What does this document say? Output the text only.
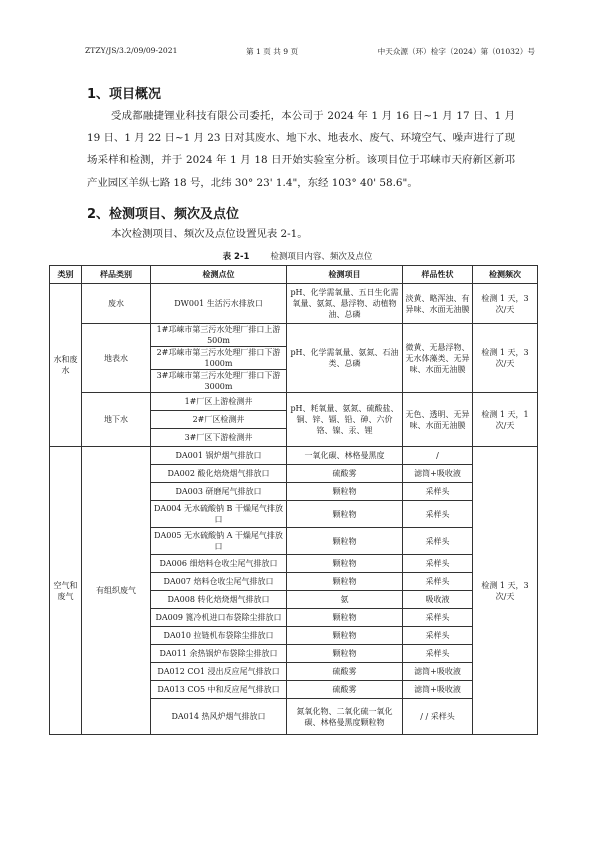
ZTZY/JS/3.2/09/09-2021	第 1 页 共 9 页	中天众源（环）检字（2024）第（01032）号
1、项目概况
受成都融捷锂业科技有限公司委托，本公司于 2024 年 1 月 16 日~1 月 17 日、1 月 19 日、1 月 22 日~1 月 23 日对其废水、地下水、地表水、废气、环境空气、噪声进行了现场采样和检测，并于 2024 年 1 月 18 日开始实验室分析。该项目位于邛崃市天府新区新邛产业园区羊纵七路 18 号，北纬 30° 23' 1.4"，东经 103° 40' 58.6"。
2、检测项目、频次及点位
本次检测项目、频次及点位设置见表 2-1。
表 2-1 检测项目内容、频次及点位
类别	样品类别	检测点位	检测项目	样品性状	检测频次
水和废水	废水	DW001 生活污水排放口	pH、化学需氧量、五日生化需氧量、氨氮、悬浮物、动植物油、总磷	淡黄、略浑浊、有异味、水面无油膜	检测 1 天，3 次/天
	地表水	1#邛崃市第三污水处理厂排口上游 500m	pH、化学需氧量、氨氮、石油类、总磷	微黄、无悬浮物、无水体藻类、无异味、水面无油膜	检测 1 天，3 次/天
		2#邛崃市第三污水处理厂排口下游 1000m			
		3#邛崃市第三污水处理厂排口下游 3000m			
	地下水	1#厂区上游检测井	pH、耗氧量、氨氮、硫酸盐、铜、锌、镉、铅、砷、六价铬、镍、汞、锂	无色、透明、无异味、水面无油膜	检测 1 天，1 次/天
		2#厂区检测井			
		3#厂区下游检测井			
空气和废气	有组织废气	DA001 锅炉烟气排放口	一氧化碳、林格曼黑度	/	检测 1 天，3 次/天
		DA002 酸化焙烧烟气排放口	硫酸雾	滤筒+吸收液	
		DA003 研磨尾气排放口	颗粒物	采样头	
		DA004 无水硫酸钠 B 干燥尾气排放口	颗粒物	采样头	
		DA005 无水硫酸钠 A 干燥尾气排放口	颗粒物	采样头	
		DA006 细焙料仓收尘尾气排放口	颗粒物	采样头	
		DA007 焙料仓收尘尾气排放口	颗粒物	采样头	
		DA008 转化焙烧烟气排放口	氨	吸收液	
		DA009 篦冷机进口布袋除尘排放口	颗粒物	采样头	
		DA010 拉链机布袋除尘排放口	颗粒物	采样头	
		DA011 余热锅炉布袋除尘排放口	颗粒物	采样头	
		DA012 CO1 浸出反应尾气排放口	硫酸雾	滤筒+吸收液	
		DA013 CO5 中和反应尾气排放口	硫酸雾	滤筒+吸收液	
		DA014 热风炉烟气排放口	氮氧化物、二氧化硫一氧化碳、林格曼黑度颗粒物	/ / 采样头	
